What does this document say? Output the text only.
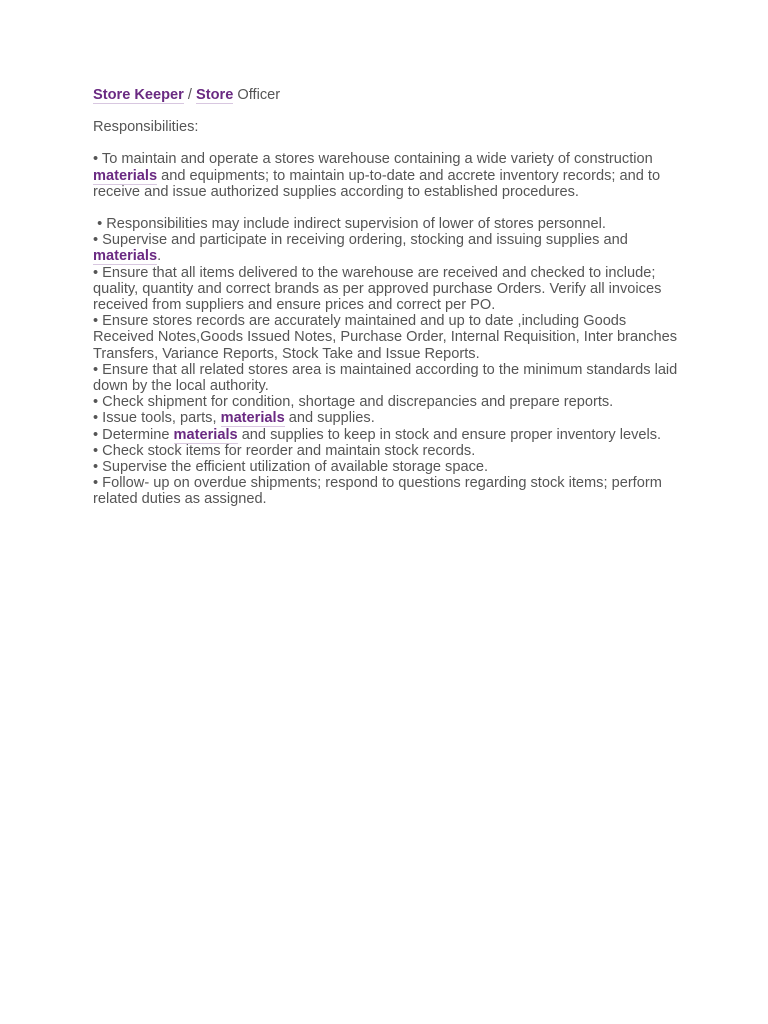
Store Keeper / Store Officer
Responsibilities:
• To maintain and operate a stores warehouse containing a wide variety of construction materials and equipments; to maintain up-to-date and accrete inventory records; and to receive and issue authorized supplies according to established procedures.
• Responsibilities may include indirect supervision of lower of stores personnel.
• Supervise and participate in receiving ordering, stocking and issuing supplies and materials.
• Ensure that all items delivered to the warehouse are received and checked to include; quality, quantity and correct brands as per approved purchase Orders. Verify all invoices received from suppliers and ensure prices and correct per PO.
• Ensure stores records are accurately maintained and up to date ,including Goods Received Notes,Goods Issued Notes, Purchase Order, Internal Requisition, Inter branches Transfers, Variance Reports, Stock Take and Issue Reports.
• Ensure that all related stores area is maintained according to the minimum standards laid down by the local authority.
• Check shipment for condition, shortage and discrepancies and prepare reports.
• Issue tools, parts, materials and supplies.
• Determine materials and supplies to keep in stock and ensure proper inventory levels.
• Check stock items for reorder and maintain stock records.
• Supervise the efficient utilization of available storage space.
• Follow- up on overdue shipments; respond to questions regarding stock items; perform related duties as assigned.
